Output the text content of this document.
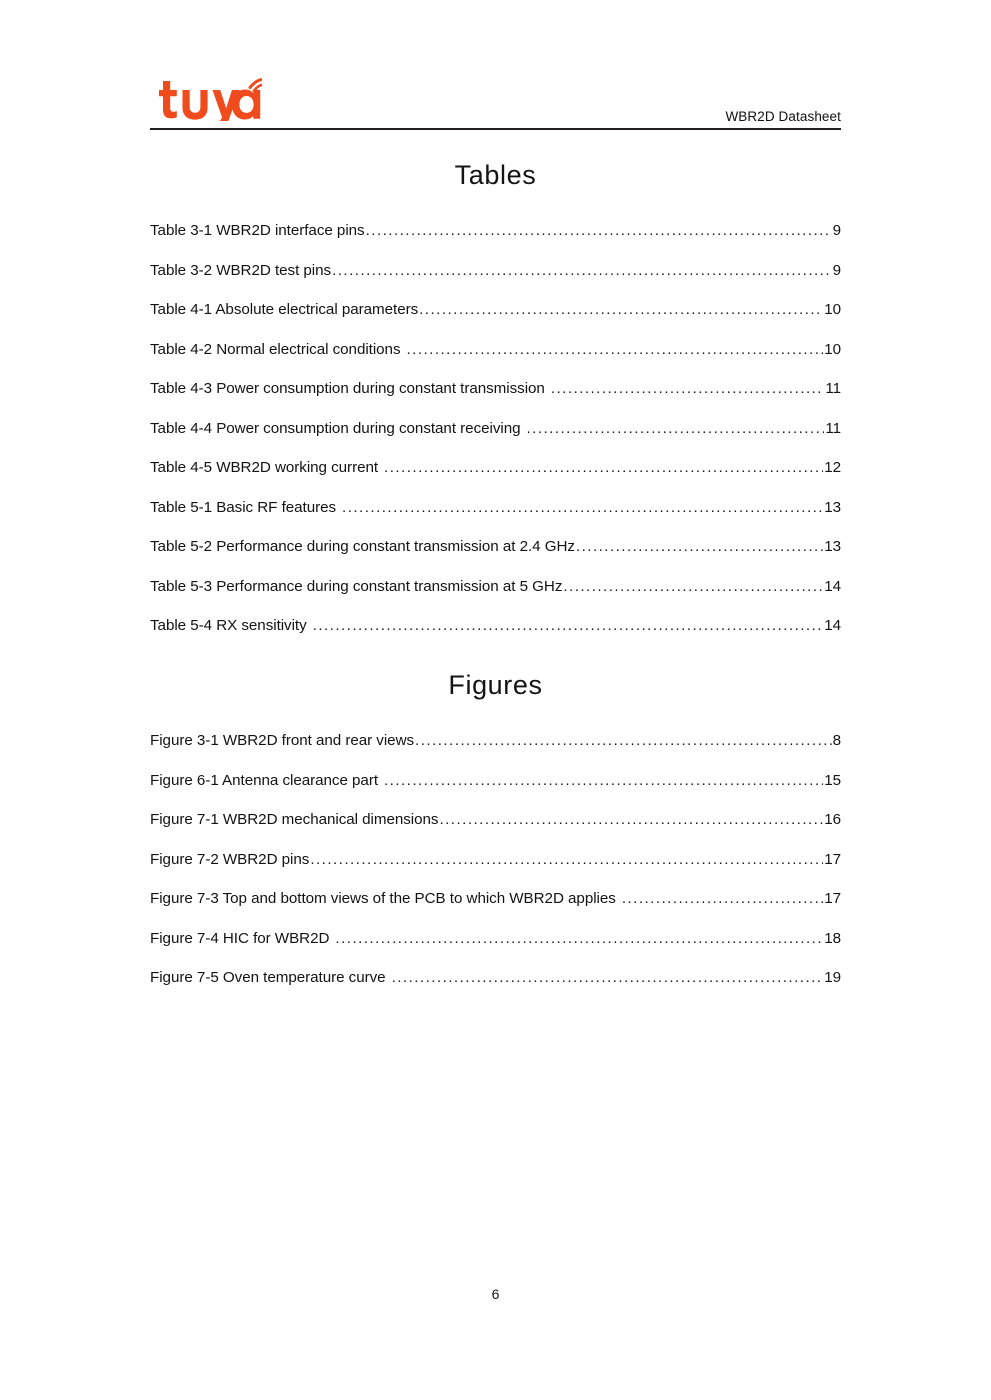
WBR2D Datasheet
Tables
Table 3-1 WBR2D interface pins .....	9
Table 3-2 WBR2D test pins .....	9
Table 4-1 Absolute electrical parameters .....	10
Table 4-2 Normal electrical conditions .....	10
Table 4-3 Power consumption during constant transmission .....	11
Table 4-4 Power consumption during constant receiving .....	11
Table 4-5 WBR2D working current .....	12
Table 5-1 Basic RF features .....	13
Table 5-2 Performance during constant transmission at 2.4 GHz .....	13
Table 5-3 Performance during constant transmission at 5 GHz .....	14
Table 5-4 RX sensitivity .....	14
Figures
Figure 3-1 WBR2D front and rear views .....	8
Figure 6-1 Antenna clearance part .....	15
Figure 7-1 WBR2D mechanical dimensions .....	16
Figure 7-2 WBR2D pins .....	17
Figure 7-3 Top and bottom views of the PCB to which WBR2D applies .....	17
Figure 7-4 HIC for WBR2D .....	18
Figure 7-5 Oven temperature curve .....	19
6
